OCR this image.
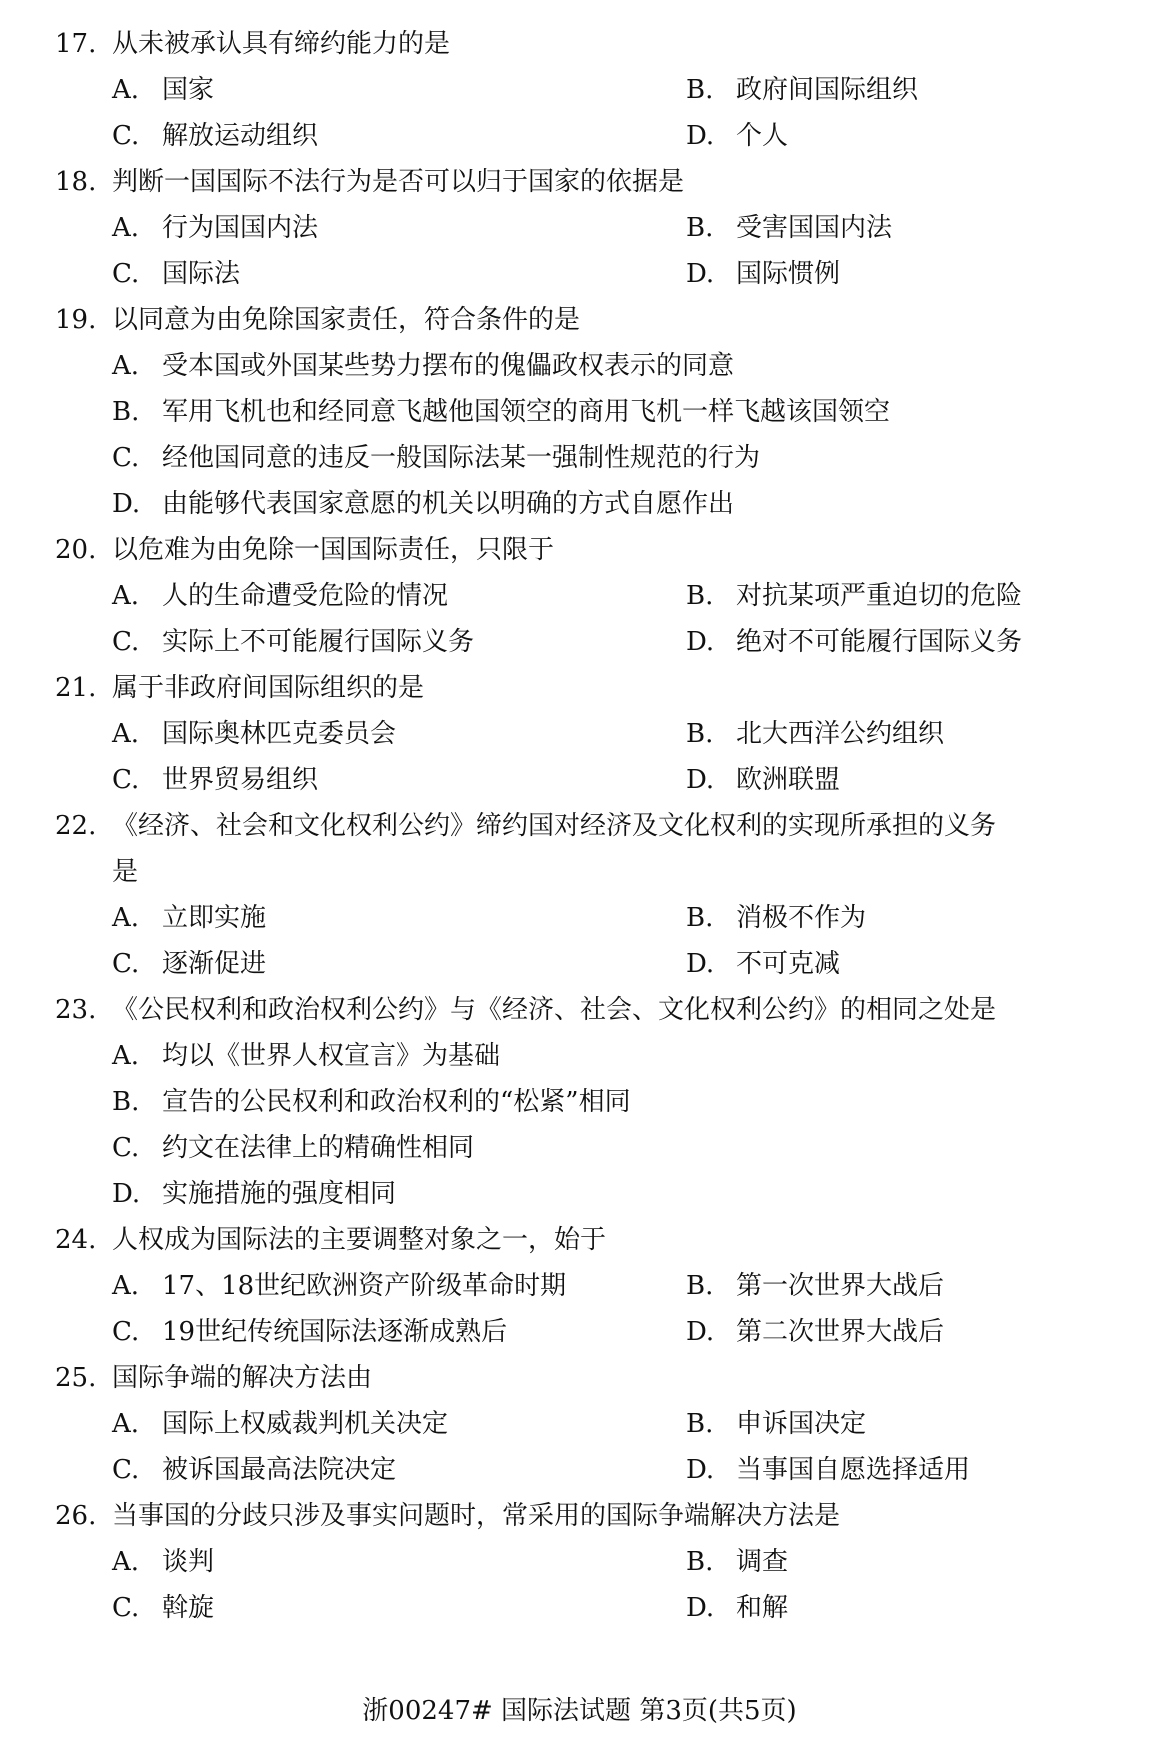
17. 从未被承认具有缔约能力的是
A. 国家	B. 政府间国际组织
C. 解放运动组织	D. 个人
18. 判断一国国际不法行为是否可以归于国家的依据是
A. 行为国国内法	B. 受害国国内法
C. 国际法	D. 国际惯例
19. 以同意为由免除国家责任，符合条件的是
A. 受本国或外国某些势力摆布的傀儡政权表示的同意
B. 军用飞机也和经同意飞越他国领空的商用飞机一样飞越该国领空
C. 经他国同意的违反一般国际法某一强制性规范的行为
D. 由能够代表国家意愿的机关以明确的方式自愿作出
20. 以危难为由免除一国国际责任，只限于
A. 人的生命遭受危险的情况	B. 对抗某项严重迫切的危险
C. 实际上不可能履行国际义务	D. 绝对不可能履行国际义务
21. 属于非政府间国际组织的是
A. 国际奥林匹克委员会	B. 北大西洋公约组织
C. 世界贸易组织	D. 欧洲联盟
22. 《经济、社会和文化权利公约》缔约国对经济及文化权利的实现所承担的义务
是
A. 立即实施	B. 消极不作为
C. 逐渐促进	D. 不可克减
23. 《公民权利和政治权利公约》与《经济、社会、文化权利公约》的相同之处是
A. 均以《世界人权宣言》为基础
B. 宣告的公民权利和政治权利的“松紧”相同
C. 约文在法律上的精确性相同
D. 实施措施的强度相同
24. 人权成为国际法的主要调整对象之一，始于
A. 17、18世纪欧洲资产阶级革命时期	B. 第一次世界大战后
C. 19世纪传统国际法逐渐成熟后	D. 第二次世界大战后
25. 国际争端的解决方法由
A. 国际上权威裁判机关决定	B. 申诉国决定
C. 被诉国最高法院决定	D. 当事国自愿选择适用
26. 当事国的分歧只涉及事实问题时，常采用的国际争端解决方法是
A. 谈判	B. 调查
C. 斡旋	D. 和解
浙00247# 国际法试题 第3页(共5页)
